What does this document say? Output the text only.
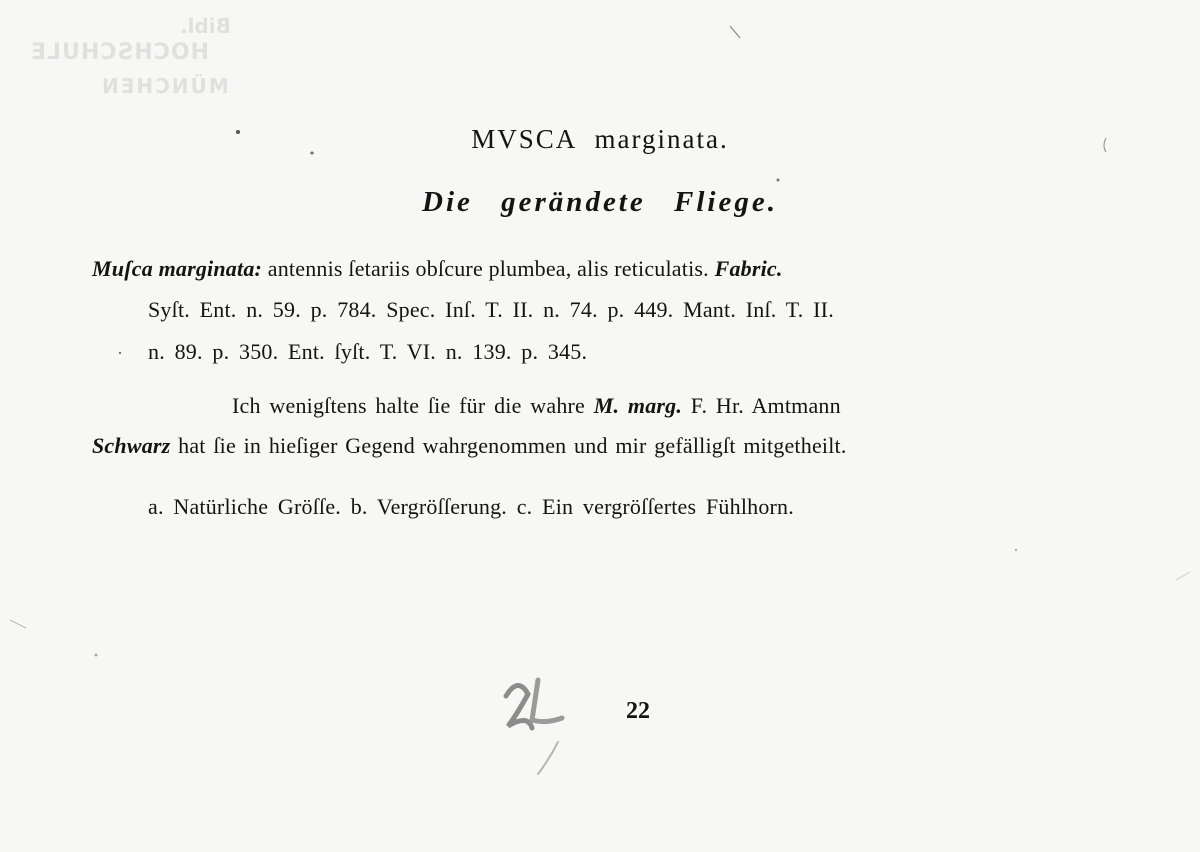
Bibl.
HOCHSCHULE
MÜNCHEN
MVSCA marginata.
Die gerändete Fliege.
Muſca marginata: antennis ſetariis obſcure plumbea, alis reticulatis. Fabric.
Syſt. Ent. n. 59. p. 784. Spec. Inſ. T. II. n. 74. p. 449. Mant. Inſ. T. II.
n. 89. p. 350. Ent. ſyſt. T. VI. n. 139. p. 345.
Ich wenigſtens halte ſie für die wahre M. marg. F. Hr. Amtmann
Schwarz hat ſie in hieſiger Gegend wahrgenommen und mir gefälligſt mitgetheilt.
a. Natürliche Gröſſe. b. Vergröſſerung. c. Ein vergröſſertes Fühlhorn.
22
